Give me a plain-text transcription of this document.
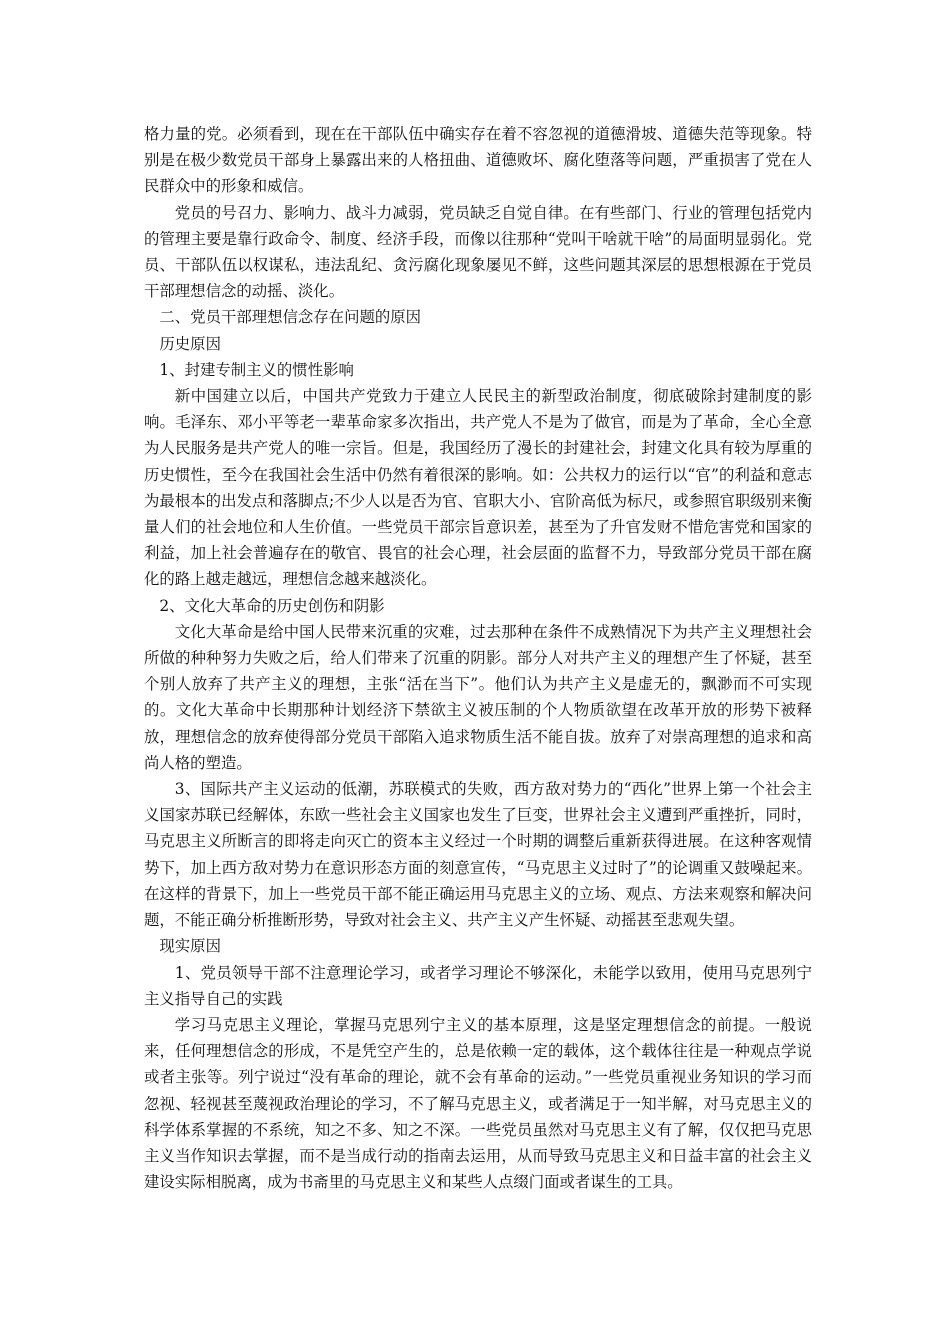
格力量的党。必须看到，现在在干部队伍中确实存在着不容忽视的道德滑坡、道德失范等现象。特别是在极少数党员干部身上暴露出来的人格扭曲、道德败坏、腐化堕落等问题，严重损害了党在人民群众中的形象和威信。

党员的号召力、影响力、战斗力减弱，党员缺乏自觉自律。在有些部门、行业的管理包括党内的管理主要是靠行政命令、制度、经济手段，而像以往那种“党叫干啥就干啥”的局面明显弱化。党员、干部队伍以权谋私，违法乱纪、贪污腐化现象屡见不鲜，这些问题其深层的思想根源在于党员干部理想信念的动摇、淡化。

二、党员干部理想信念存在问题的原因

历史原因

1、封建专制主义的惯性影响

新中国建立以后，中国共产党致力于建立人民民主的新型政治制度，彻底破除封建制度的影响。毛泽东、邓小平等老一辈革命家多次指出，共产党人不是为了做官，而是为了革命，全心全意为人民服务是共产党人的唯一宗旨。但是，我国经历了漫长的封建社会，封建文化具有较为厚重的历史惯性，至今在我国社会生活中仍然有着很深的影响。如：公共权力的运行以“官”的利益和意志为最根本的出发点和落脚点;不少人以是否为官、官职大小、官阶高低为标尺，或参照官职级别来衡量人们的社会地位和人生价值。一些党员干部宗旨意识差，甚至为了升官发财不惜危害党和国家的利益，加上社会普遍存在的敬官、畏官的社会心理，社会层面的监督不力，导致部分党员干部在腐化的路上越走越远，理想信念越来越淡化。

2、文化大革命的历史创伤和阴影

文化大革命是给中国人民带来沉重的灾难，过去那种在条件不成熟情况下为共产主义理想社会所做的种种努力失败之后，给人们带来了沉重的阴影。部分人对共产主义的理想产生了怀疑，甚至个别人放弃了共产主义的理想，主张“活在当下”。他们认为共产主义是虚无的，飘渺而不可实现的。文化大革命中长期那种计划经济下禁欲主义被压制的个人物质欲望在改革开放的形势下被释放，理想信念的放弃使得部分党员干部陷入追求物质生活不能自拔。放弃了对崇高理想的追求和高尚人格的塑造。

3、国际共产主义运动的低潮，苏联模式的失败，西方敌对势力的“西化”世界上第一个社会主义国家苏联已经解体，东欧一些社会主义国家也发生了巨变，世界社会主义遭到严重挫折，同时，马克思主义所断言的即将走向灭亡的资本主义经过一个时期的调整后重新获得进展。在这种客观情势下，加上西方敌对势力在意识形态方面的刻意宣传，“马克思主义过时了”的论调重又鼓噪起来。在这样的背景下，加上一些党员干部不能正确运用马克思主义的立场、观点、方法来观察和解决问题，不能正确分析推断形势，导致对社会主义、共产主义产生怀疑、动摇甚至悲观失望。

现实原因

1、党员领导干部不注意理论学习，或者学习理论不够深化，未能学以致用，使用马克思列宁主义指导自己的实践

学习马克思主义理论，掌握马克思列宁主义的基本原理，这是坚定理想信念的前提。一般说来，任何理想信念的形成，不是凭空产生的，总是依赖一定的载体，这个载体往往是一种观点学说或者主张等。列宁说过“没有革命的理论，就不会有革命的运动。”一些党员重视业务知识的学习而忽视、轻视甚至蔑视政治理论的学习，不了解马克思主义，或者满足于一知半解，对马克思主义的科学体系掌握的不系统，知之不多、知之不深。一些党员虽然对马克思主义有了解，仅仅把马克思主义当作知识去掌握，而不是当成行动的指南去运用，从而导致马克思主义和日益丰富的社会主义建设实际相脱离，成为书斋里的马克思主义和某些人点缀门面或者谋生的工具。
